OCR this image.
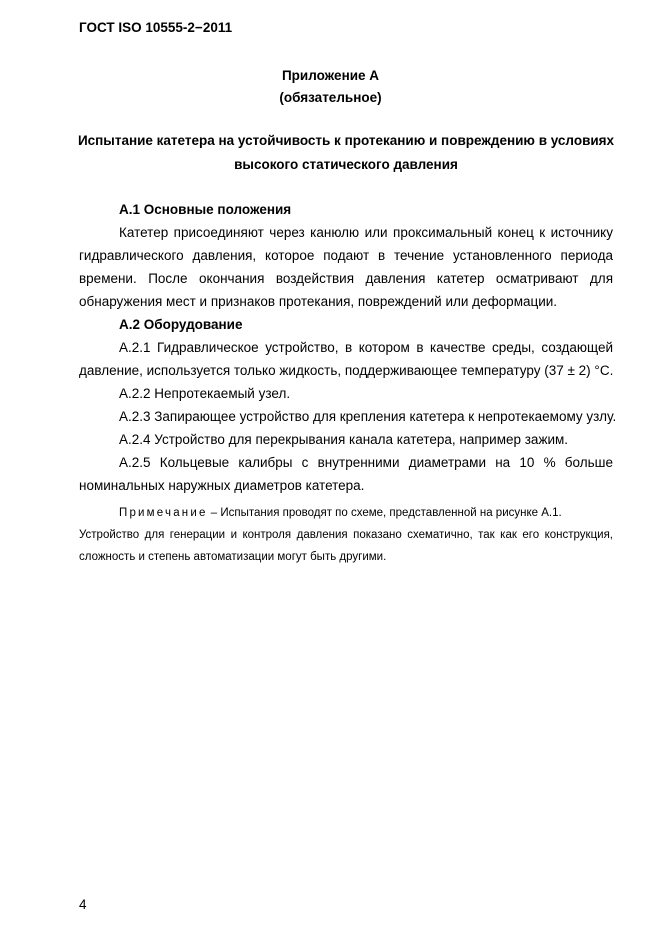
ГОСТ ISO 10555-2−2011
Приложение А
(обязательное)
Испытание катетера на устойчивость к протеканию и повреждению в условиях
высокого статического давления
А.1 Основные положения
Катетер присоединяют через канюлю или проксимальный конец к источнику
гидравлического давления, которое подают в течение установленного периода
времени. После окончания воздействия давления катетер осматривают для
обнаружения мест и признаков протекания, повреждений или деформации.
А.2 Оборудование
А.2.1 Гидравлическое устройство, в котором в качестве среды, создающей
давление, используется только жидкость, поддерживающее температуру (37 ± 2) °С.
А.2.2 Непротекаемый узел.
А.2.3 Запирающее устройство для крепления катетера к непротекаемому узлу.
А.2.4 Устройство для перекрывания канала катетера, например зажим.
А.2.5 Кольцевые калибры с внутренними диаметрами на 10 % больше
номинальных наружных диаметров катетера.
Примечание – Испытания проводят по схеме, представленной на рисунке А.1.
Устройство для генерации и контроля давления показано схематично, так как его конструкция,
сложность и степень автоматизации могут быть другими.
4
